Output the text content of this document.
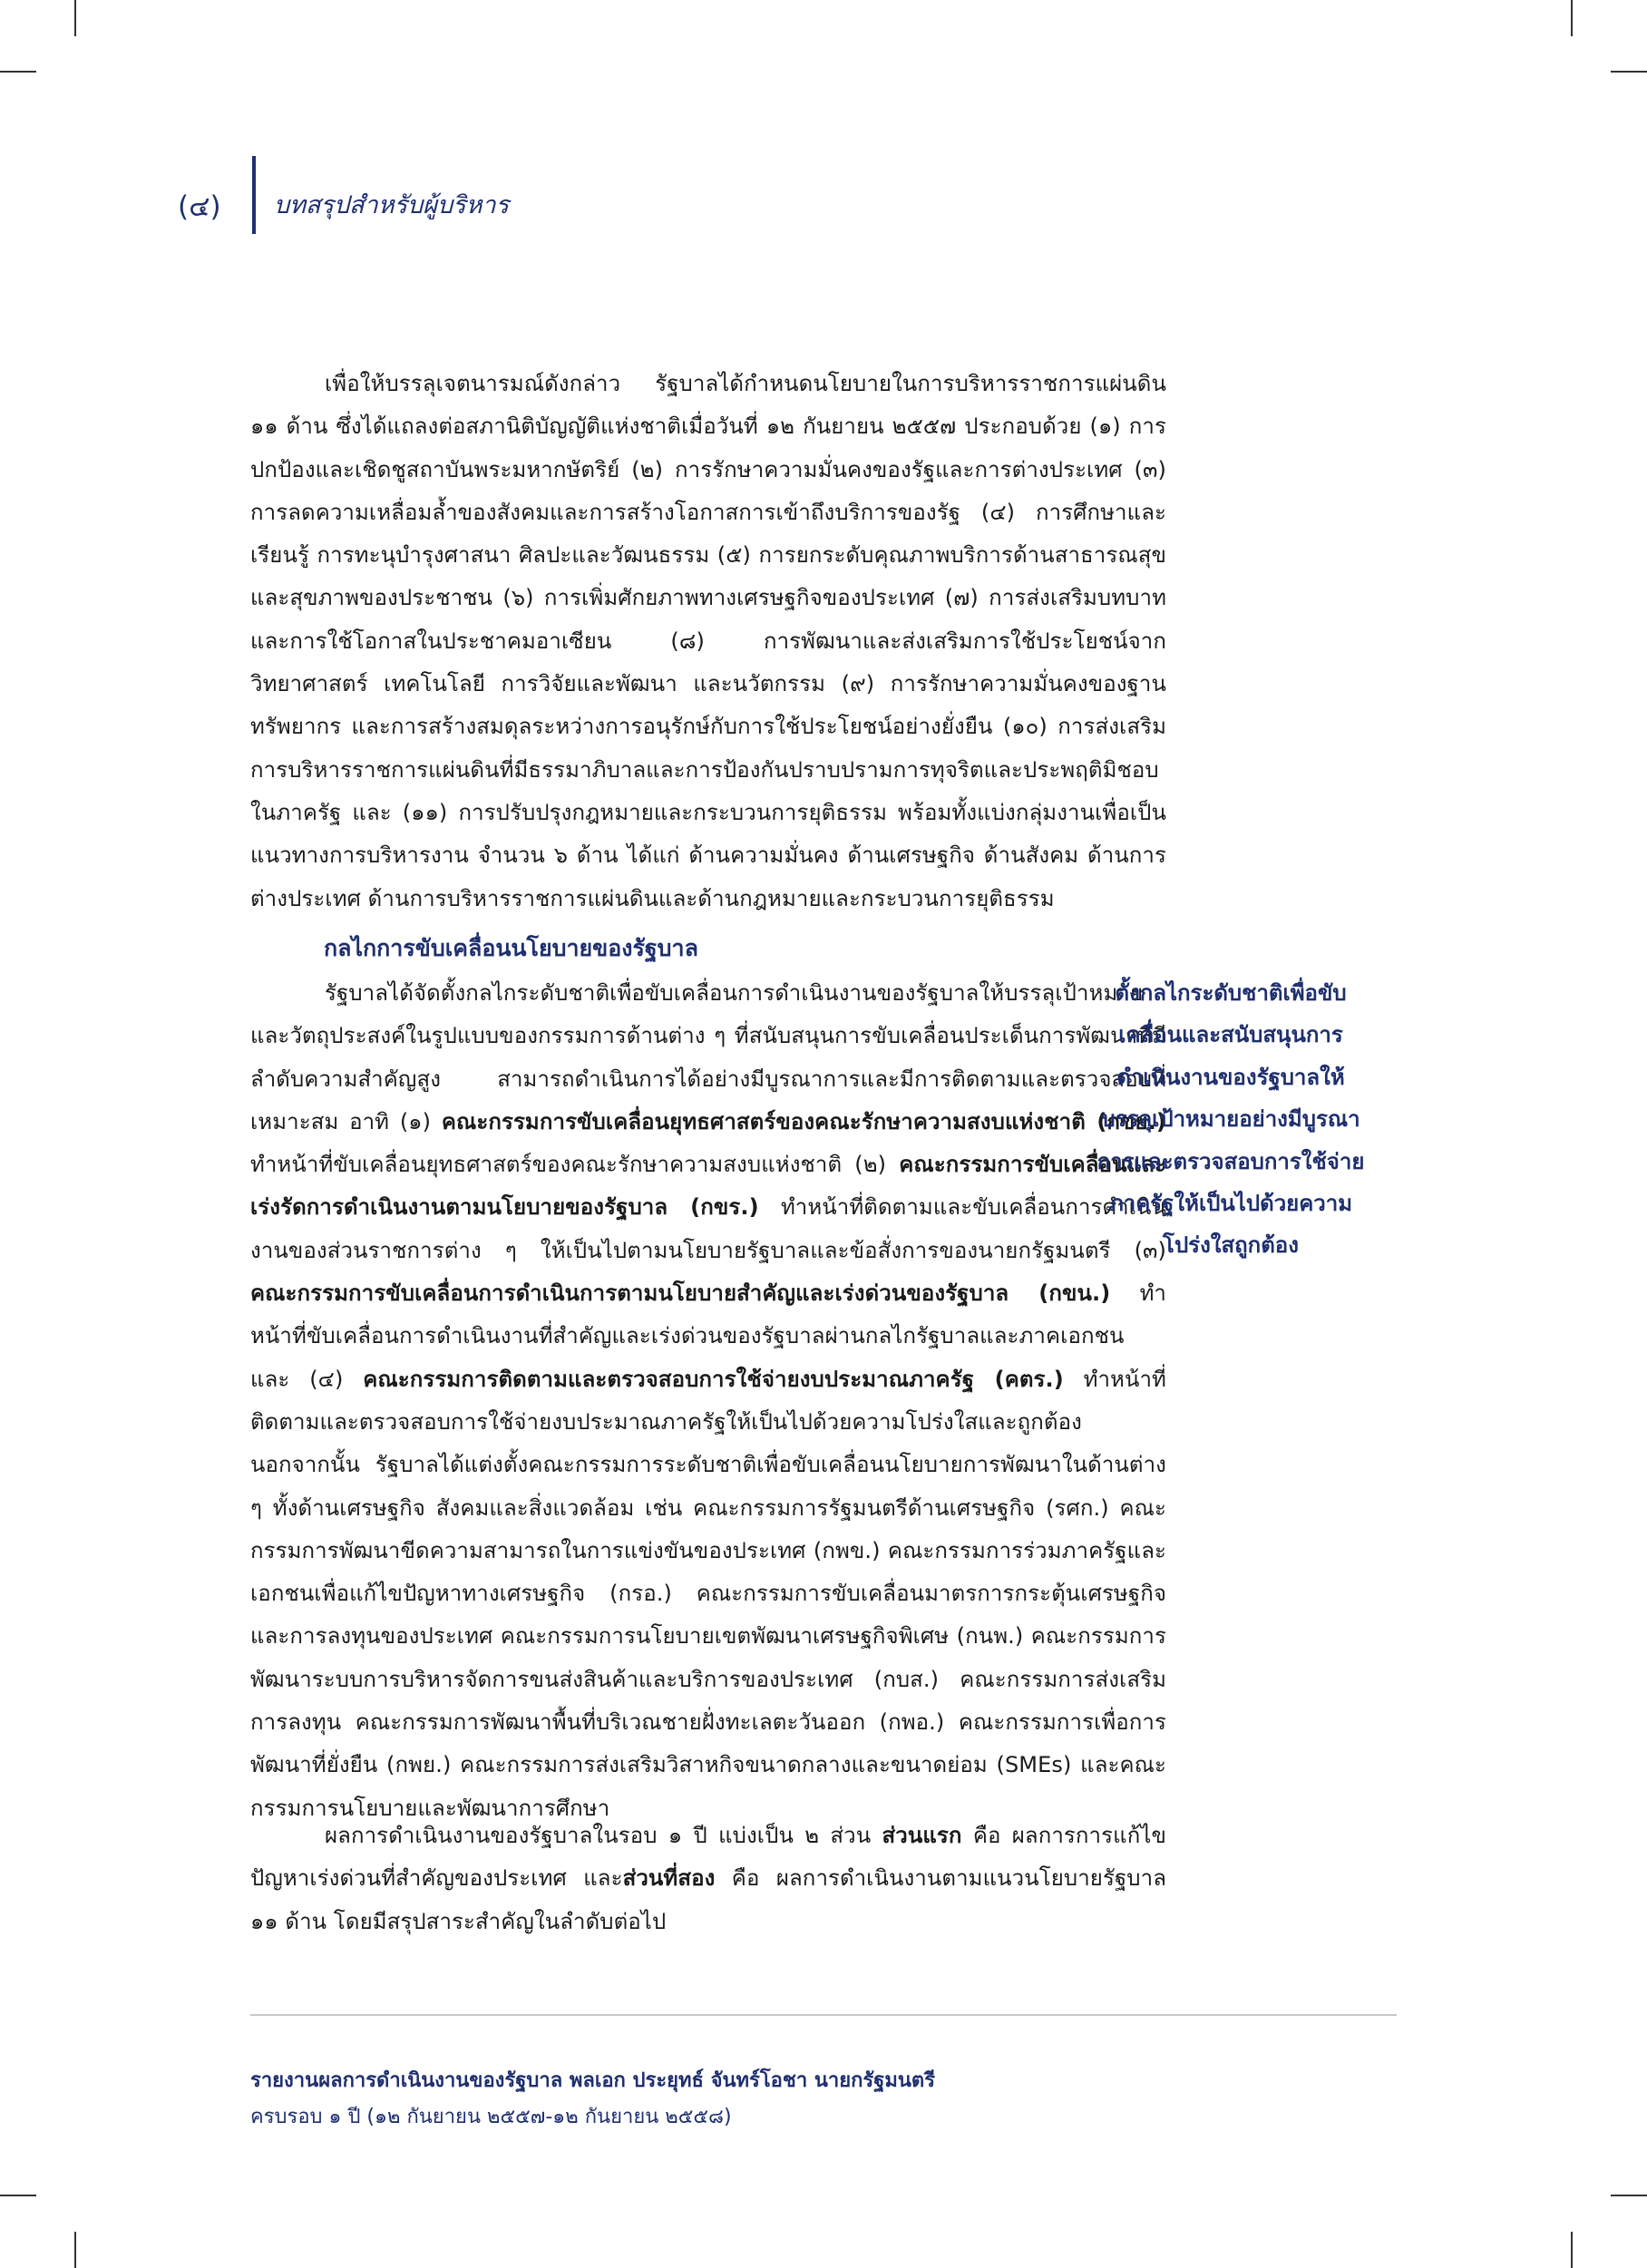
(๔) บทสรุปสำหรับผู้บริหาร

เพื่อให้บรรลุเจตนารมณ์ดังกล่าว รัฐบาลได้กำหนดนโยบายในการบริหารราชการแผ่นดิน ๑๑ ด้าน ซึ่งได้แถลงต่อสภานิติบัญญัติแห่งชาติเมื่อวันที่ ๑๒ กันยายน ๒๕๕๗ ประกอบด้วย (๑) การปกป้องและเชิดชูสถาบันพระมหากษัตริย์ (๒) การรักษาความมั่นคงของรัฐและการต่างประเทศ (๓) การลดความเหลื่อมล้ำของสังคมและการสร้างโอกาสการเข้าถึงบริการของรัฐ (๔) การศึกษาและเรียนรู้ การทะนุบำรุงศาสนา ศิลปะและวัฒนธรรม (๕) การยกระดับคุณภาพบริการด้านสาธารณสุขและสุขภาพของประชาชน (๖) การเพิ่มศักยภาพทางเศรษฐกิจของประเทศ (๗) การส่งเสริมบทบาทและการใช้โอกาสในประชาคมอาเซียน (๘) การพัฒนาและส่งเสริมการใช้ประโยชน์จากวิทยาศาสตร์ เทคโนโลยี การวิจัยและพัฒนา และนวัตกรรม (๙) การรักษาความมั่นคงของฐานทรัพยากร และการสร้างสมดุลระหว่างการอนุรักษ์กับการใช้ประโยชน์อย่างยั่งยืน (๑๐) การส่งเสริมการบริหารราชการแผ่นดินที่มีธรรมาภิบาลและการป้องกันปราบปรามการทุจริตและประพฤติมิชอบในภาครัฐ และ (๑๑) การปรับปรุงกฎหมายและกระบวนการยุติธรรม พร้อมทั้งแบ่งกลุ่มงานเพื่อเป็นแนวทางการบริหารงาน จำนวน ๖ ด้าน ได้แก่ ด้านความมั่นคง ด้านเศรษฐกิจ ด้านสังคม ด้านการต่างประเทศ ด้านการบริหารราชการแผ่นดินและด้านกฎหมายและกระบวนการยุติธรรม

กลไกการขับเคลื่อนนโยบายของรัฐบาล

รัฐบาลได้จัดตั้งกลไกระดับชาติเพื่อขับเคลื่อนการดำเนินงานของรัฐบาลให้บรรลุเป้าหมายและวัตถุประสงค์ในรูปแบบของกรรมการด้านต่าง ๆ ที่สนับสนุนการขับเคลื่อนประเด็นการพัฒนาที่มีลำดับความสำคัญสูง สามารถดำเนินการได้อย่างมีบูรณาการและมีการติดตามและตรวจสอบที่เหมาะสม อาทิ (๑) คณะกรรมการขับเคลื่อนยุทธศาสตร์ของคณะรักษาความสงบแห่งชาติ (กขย.) ทำหน้าที่ขับเคลื่อนยุทธศาสตร์ของคณะรักษาความสงบแห่งชาติ (๒) คณะกรรมการขับเคลื่อนและเร่งรัดการดำเนินงานตามนโยบายของรัฐบาล (กขร.) ทำหน้าที่ติดตามและขับเคลื่อนการดำเนินงานของส่วนราชการต่าง ๆ ให้เป็นไปตามนโยบายรัฐบาลและข้อสั่งการของนายกรัฐมนตรี (๓) คณะกรรมการขับเคลื่อนการดำเนินการตามนโยบายสำคัญและเร่งด่วนของรัฐบาล (กขน.) ทำหน้าที่ขับเคลื่อนการดำเนินงานที่สำคัญและเร่งด่วนของรัฐบาลผ่านกลไกรัฐบาลและภาคเอกชน และ (๔) คณะกรรมการติดตามและตรวจสอบการใช้จ่ายงบประมาณภาครัฐ (คตร.) ทำหน้าที่ติดตามและตรวจสอบการใช้จ่ายงบประมาณภาครัฐให้เป็นไปด้วยความโปร่งใสและถูกต้อง นอกจากนั้น รัฐบาลได้แต่งตั้งคณะกรรมการระดับชาติเพื่อขับเคลื่อนนโยบายการพัฒนาในด้านต่าง ๆ ทั้งด้านเศรษฐกิจ สังคมและสิ่งแวดล้อม เช่น คณะกรรมการรัฐมนตรีด้านเศรษฐกิจ (รศก.) คณะกรรมการพัฒนาขีดความสามารถในการแข่งขันของประเทศ (กพข.) คณะกรรมการร่วมภาครัฐและเอกชนเพื่อแก้ไขปัญหาทางเศรษฐกิจ (กรอ.) คณะกรรมการขับเคลื่อนมาตรการกระตุ้นเศรษฐกิจและการลงทุนของประเทศ คณะกรรมการนโยบายเขตพัฒนาเศรษฐกิจพิเศษ (กนพ.) คณะกรรมการพัฒนาระบบการบริหารจัดการขนส่งสินค้าและบริการของประเทศ (กบส.) คณะกรรมการส่งเสริมการลงทุน คณะกรรมการพัฒนาพื้นที่บริเวณชายฝั่งทะเลตะวันออก (กพอ.) คณะกรรมการเพื่อการพัฒนาที่ยั่งยืน (กพย.) คณะกรรมการส่งเสริมวิสาหกิจขนาดกลางและขนาดย่อม (SMEs) และคณะกรรมการนโยบายและพัฒนาการศึกษา

ตั้งกลไกระดับชาติเพื่อขับเคลื่อนและสนับสนุนการดำเนินงานของรัฐบาลให้บรรลุเป้าหมายอย่างมีบูรณาการและตรวจสอบการใช้จ่ายภาครัฐให้เป็นไปด้วยความโปร่งใสถูกต้อง

ผลการดำเนินงานของรัฐบาลในรอบ ๑ ปี แบ่งเป็น ๒ ส่วน ส่วนแรก คือ ผลการการแก้ไขปัญหาเร่งด่วนที่สำคัญของประเทศ และส่วนที่สอง คือ ผลการดำเนินงานตามแนวนโยบายรัฐบาล ๑๑ ด้าน โดยมีสรุปสาระสำคัญในลำดับต่อไป

รายงานผลการดำเนินงานของรัฐบาล พลเอก ประยุทธ์ จันทร์โอชา นายกรัฐมนตรี
ครบรอบ ๑ ปี (๑๒ กันยายน ๒๕๕๗-๑๒ กันยายน ๒๕๕๘)
